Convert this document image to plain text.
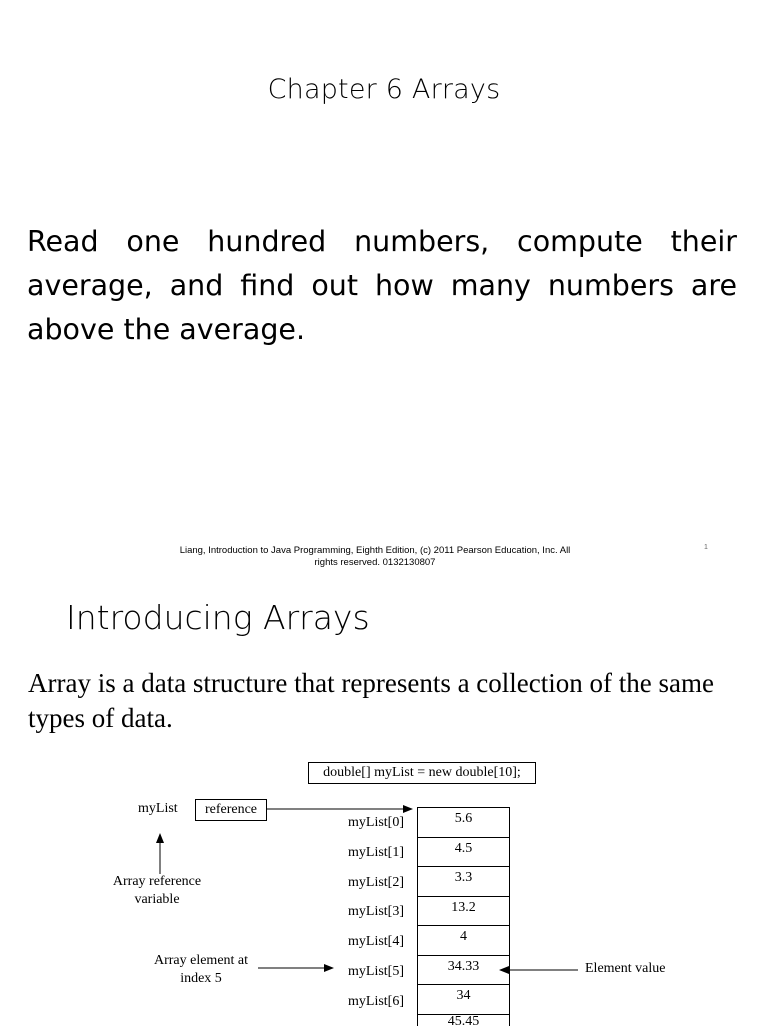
Chapter 6 Arrays
Read one hundred numbers, compute their average, and find out how many numbers are above the average.
Liang, Introduction to Java Programming, Eighth Edition, (c) 2011 Pearson Education, Inc. All
rights reserved. 0132130807
1
Introducing Arrays
Array is a data structure that represents a collection of the same types of data.
double[] myList = new double[10];
myList	reference
Array reference
variable
Array element at
index 5
Element value
myList[0]
myList[1]
myList[2]
myList[3]
myList[4]
myList[5]
myList[6]
5.6
4.5
3.3
13.2
4
34.33
34
45.45
